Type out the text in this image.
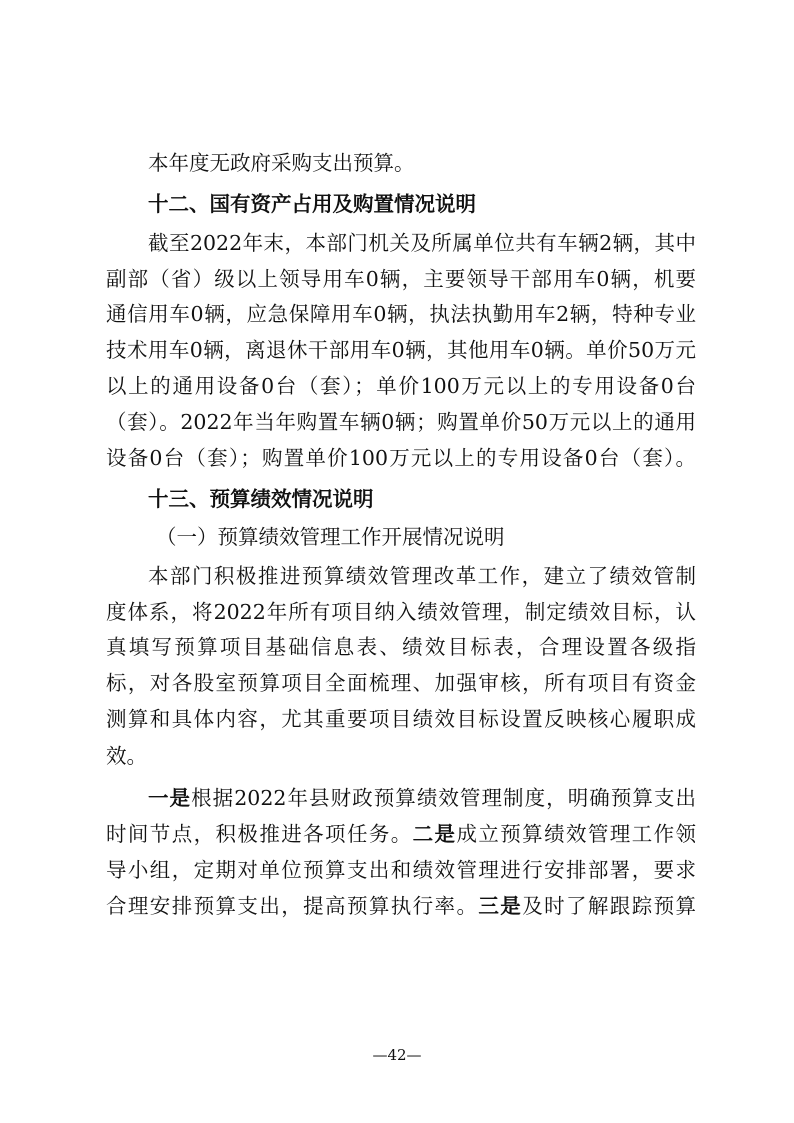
本年度无政府采购支出预算。
十二、国有资产占用及购置情况说明
截至2022年末，本部门机关及所属单位共有车辆2辆，其中
副部（省）级以上领导用车0辆，主要领导干部用车0辆，机要
通信用车0辆，应急保障用车0辆，执法执勤用车2辆，特种专业
技术用车0辆，离退休干部用车0辆，其他用车0辆。单价50万元
以上的通用设备0台（套）；单价100万元以上的专用设备0台
（套）。2022年当年购置车辆0辆；购置单价50万元以上的通用
设备0台（套）；购置单价100万元以上的专用设备0台（套）。
十三、预算绩效情况说明
（一）预算绩效管理工作开展情况说明
本部门积极推进预算绩效管理改革工作，建立了绩效管制
度体系，将2022年所有项目纳入绩效管理，制定绩效目标，认
真填写预算项目基础信息表、绩效目标表，合理设置各级指
标，对各股室预算项目全面梳理、加强审核，所有项目有资金
测算和具体内容，尤其重要项目绩效目标设置反映核心履职成
效。
一是根据2022年县财政预算绩效管理制度，明确预算支出
时间节点，积极推进各项任务。二是成立预算绩效管理工作领
导小组，定期对单位预算支出和绩效管理进行安排部署，要求
合理安排预算支出，提高预算执行率。三是及时了解跟踪预算
—42—
